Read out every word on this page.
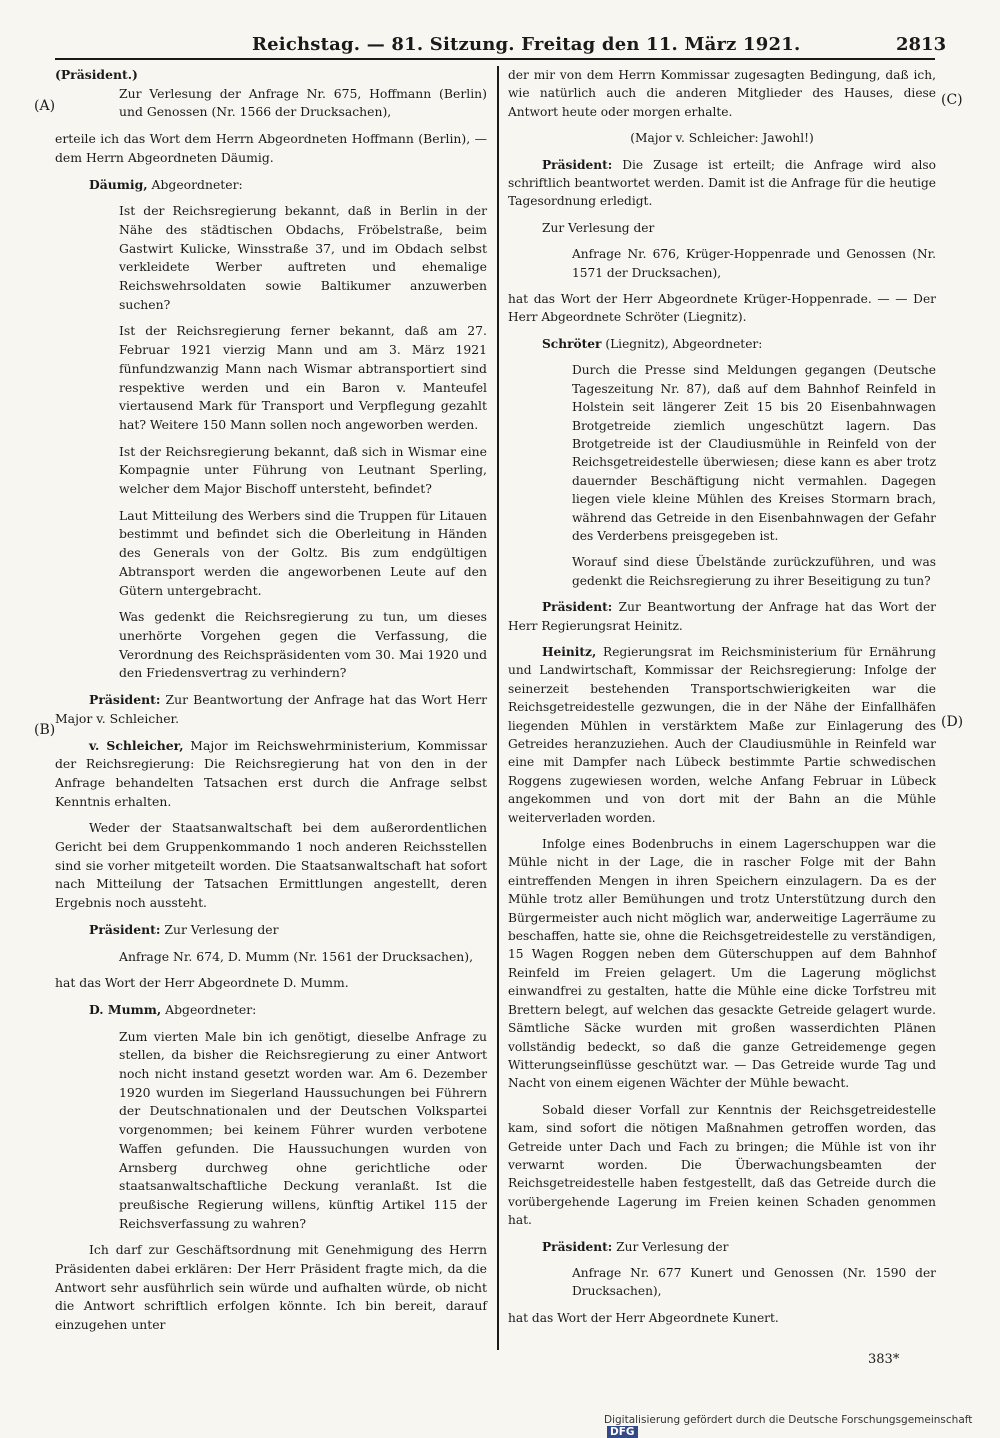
Reichstag. — 81. Sitzung. Freitag den 11. März 1921.	2813
(A)
(B)
(C)
(D)
(Präsident.)
Zur Verlesung der Anfrage Nr. 675, Hoffmann (Berlin) und Genossen (Nr. 1566 der Drucksachen),
erteile ich das Wort dem Herrn Abgeordneten Hoffmann (Berlin), — dem Herrn Abgeordneten Däumig.
Däumig, Abgeordneter:
Ist der Reichsregierung bekannt, daß in Berlin in der Nähe des städtischen Obdachs, Fröbelstraße, beim Gastwirt Kulicke, Winsstraße 37, und im Obdach selbst verkleidete Werber auftreten und ehemalige Reichswehrsoldaten sowie Baltikumer anzuwerben suchen?
Ist der Reichsregierung ferner bekannt, daß am 27. Februar 1921 vierzig Mann und am 3. März 1921 fünfundzwanzig Mann nach Wismar abtransportiert sind respektive werden und ein Baron v. Manteufel viertausend Mark für Transport und Verpflegung gezahlt hat? Weitere 150 Mann sollen noch angeworben werden.
Ist der Reichsregierung bekannt, daß sich in Wismar eine Kompagnie unter Führung von Leutnant Sperling, welcher dem Major Bischoff untersteht, befindet?
Laut Mitteilung des Werbers sind die Truppen für Litauen bestimmt und befindet sich die Oberleitung in Händen des Generals von der Goltz. Bis zum endgültigen Abtransport werden die angeworbenen Leute auf den Gütern untergebracht.
Was gedenkt die Reichsregierung zu tun, um dieses unerhörte Vorgehen gegen die Verfassung, die Verordnung des Reichspräsidenten vom 30. Mai 1920 und den Friedensvertrag zu verhindern?
Präsident: Zur Beantwortung der Anfrage hat das Wort Herr Major v. Schleicher.
v. Schleicher, Major im Reichswehrministerium, Kommissar der Reichsregierung: Die Reichsregierung hat von den in der Anfrage behandelten Tatsachen erst durch die Anfrage selbst Kenntnis erhalten.
Weder der Staatsanwaltschaft bei dem außerordentlichen Gericht bei dem Gruppenkommando 1 noch anderen Reichsstellen sind sie vorher mitgeteilt worden. Die Staatsanwaltschaft hat sofort nach Mitteilung der Tatsachen Ermittlungen angestellt, deren Ergebnis noch aussteht.
Präsident: Zur Verlesung der
Anfrage Nr. 674, D. Mumm (Nr. 1561 der Drucksachen),
hat das Wort der Herr Abgeordnete D. Mumm.
D. Mumm, Abgeordneter:
Zum vierten Male bin ich genötigt, dieselbe Anfrage zu stellen, da bisher die Reichsregierung zu einer Antwort noch nicht instand gesetzt worden war. Am 6. Dezember 1920 wurden im Siegerland Haussuchungen bei Führern der Deutschnationalen und der Deutschen Volkspartei vorgenommen; bei keinem Führer wurden verbotene Waffen gefunden. Die Haussuchungen wurden von Arnsberg durchweg ohne gerichtliche oder staatsanwaltschaftliche Deckung veranlaßt. Ist die preußische Regierung willens, künftig Artikel 115 der Reichsverfassung zu wahren?
Ich darf zur Geschäftsordnung mit Genehmigung des Herrn Präsidenten dabei erklären: Der Herr Präsident fragte mich, da die Antwort sehr ausführlich sein würde und aufhalten würde, ob nicht die Antwort schriftlich erfolgen könnte. Ich bin bereit, darauf einzugehen unter
der mir von dem Herrn Kommissar zugesagten Bedingung, daß ich, wie natürlich auch die anderen Mitglieder des Hauses, diese Antwort heute oder morgen erhalte.
(Major v. Schleicher: Jawohl!)
Präsident: Die Zusage ist erteilt; die Anfrage wird also schriftlich beantwortet werden. Damit ist die Anfrage für die heutige Tagesordnung erledigt.
Zur Verlesung der
Anfrage Nr. 676, Krüger-Hoppenrade und Genossen (Nr. 1571 der Drucksachen),
hat das Wort der Herr Abgeordnete Krüger-Hoppenrade. — — Der Herr Abgeordnete Schröter (Liegnitz).
Schröter (Liegnitz), Abgeordneter:
Durch die Presse sind Meldungen gegangen (Deutsche Tageszeitung Nr. 87), daß auf dem Bahnhof Reinfeld in Holstein seit längerer Zeit 15 bis 20 Eisenbahnwagen Brotgetreide ziemlich ungeschützt lagern. Das Brotgetreide ist der Claudiusmühle in Reinfeld von der Reichsgetreidestelle überwiesen; diese kann es aber trotz dauernder Beschäftigung nicht vermahlen. Dagegen liegen viele kleine Mühlen des Kreises Stormarn brach, während das Getreide in den Eisenbahnwagen der Gefahr des Verderbens preisgegeben ist.
Worauf sind diese Übelstände zurückzuführen, und was gedenkt die Reichsregierung zu ihrer Beseitigung zu tun?
Präsident: Zur Beantwortung der Anfrage hat das Wort der Herr Regierungsrat Heinitz.
Heinitz, Regierungsrat im Reichsministerium für Ernährung und Landwirtschaft, Kommissar der Reichsregierung: Infolge der seinerzeit bestehenden Transportschwierigkeiten war die Reichsgetreidestelle gezwungen, die in der Nähe der Einfallhäfen liegenden Mühlen in verstärktem Maße zur Einlagerung des Getreides heranzuziehen. Auch der Claudiusmühle in Reinfeld war eine mit Dampfer nach Lübeck bestimmte Partie schwedischen Roggens zugewiesen worden, welche Anfang Februar in Lübeck angekommen und von dort mit der Bahn an die Mühle weiterverladen worden.
Infolge eines Bodenbruchs in einem Lagerschuppen war die Mühle nicht in der Lage, die in rascher Folge mit der Bahn eintreffenden Mengen in ihren Speichern einzulagern. Da es der Mühle trotz aller Bemühungen und trotz Unterstützung durch den Bürgermeister auch nicht möglich war, anderweitige Lagerräume zu beschaffen, hatte sie, ohne die Reichsgetreidestelle zu verständigen, 15 Wagen Roggen neben dem Güterschuppen auf dem Bahnhof Reinfeld im Freien gelagert. Um die Lagerung möglichst einwandfrei zu gestalten, hatte die Mühle eine dicke Torfstreu mit Brettern belegt, auf welchen das gesackte Getreide gelagert wurde. Sämtliche Säcke wurden mit großen wasserdichten Plänen vollständig bedeckt, so daß die ganze Getreidemenge gegen Witterungseinflüsse geschützt war. — Das Getreide wurde Tag und Nacht von einem eigenen Wächter der Mühle bewacht.
Sobald dieser Vorfall zur Kenntnis der Reichsgetreidestelle kam, sind sofort die nötigen Maßnahmen getroffen worden, das Getreide unter Dach und Fach zu bringen; die Mühle ist von ihr verwarnt worden. Die Überwachungsbeamten der Reichsgetreidestelle haben festgestellt, daß das Getreide durch die vorübergehende Lagerung im Freien keinen Schaden genommen hat.
Präsident: Zur Verlesung der
Anfrage Nr. 677 Kunert und Genossen (Nr. 1590 der Drucksachen),
hat das Wort der Herr Abgeordnete Kunert.
383*
Digitalisierung gefördert durch die Deutsche Forschungsgemeinschaft DFG
